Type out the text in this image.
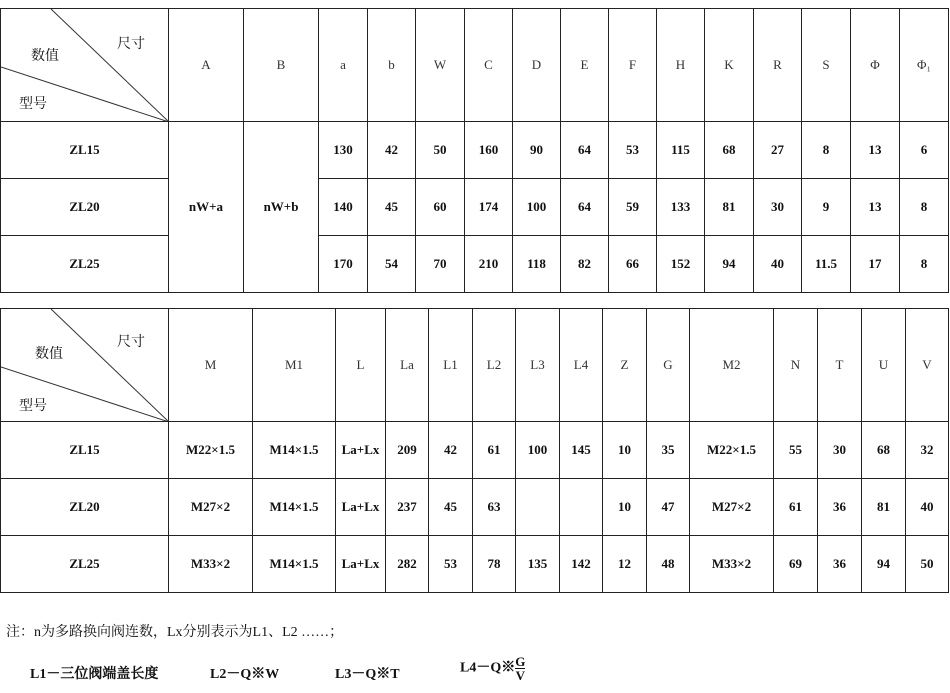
尺寸
数值
型号	A	B	a	b	W	C	D	E	F	H	K	R	S	Φ	Φ₁
ZL15	nW+a	nW+b	130	42	50	160	90	64	53	115	68	27	8	13	6
ZL20			140	45	60	174	100	64	59	133	81	30	9	13	8
ZL25			170	54	70	210	118	82	66	152	94	40	11.5	17	8
尺寸
数值
型号	M	M1	L	La	L1	L2	L3	L4	Z	G	M2	N	T	U	V
ZL15	M22×1.5	M14×1.5	La+Lx	209	42	61	100	145	10	35	M22×1.5	55	30	68	32
ZL20	M27×2	M14×1.5	La+Lx	237	45	63			10	47	M27×2	61	36	81	40
ZL25	M33×2	M14×1.5	La+Lx	282	53	78	135	142	12	48	M33×2	69	36	94	50
注：n为多路换向阀连数，Lx分别表示为L1、L2 ……；
L1－三位阀端盖长度	L2－Q※W	L3－Q※T	L4－Q※ $\frac{G}{V}$
